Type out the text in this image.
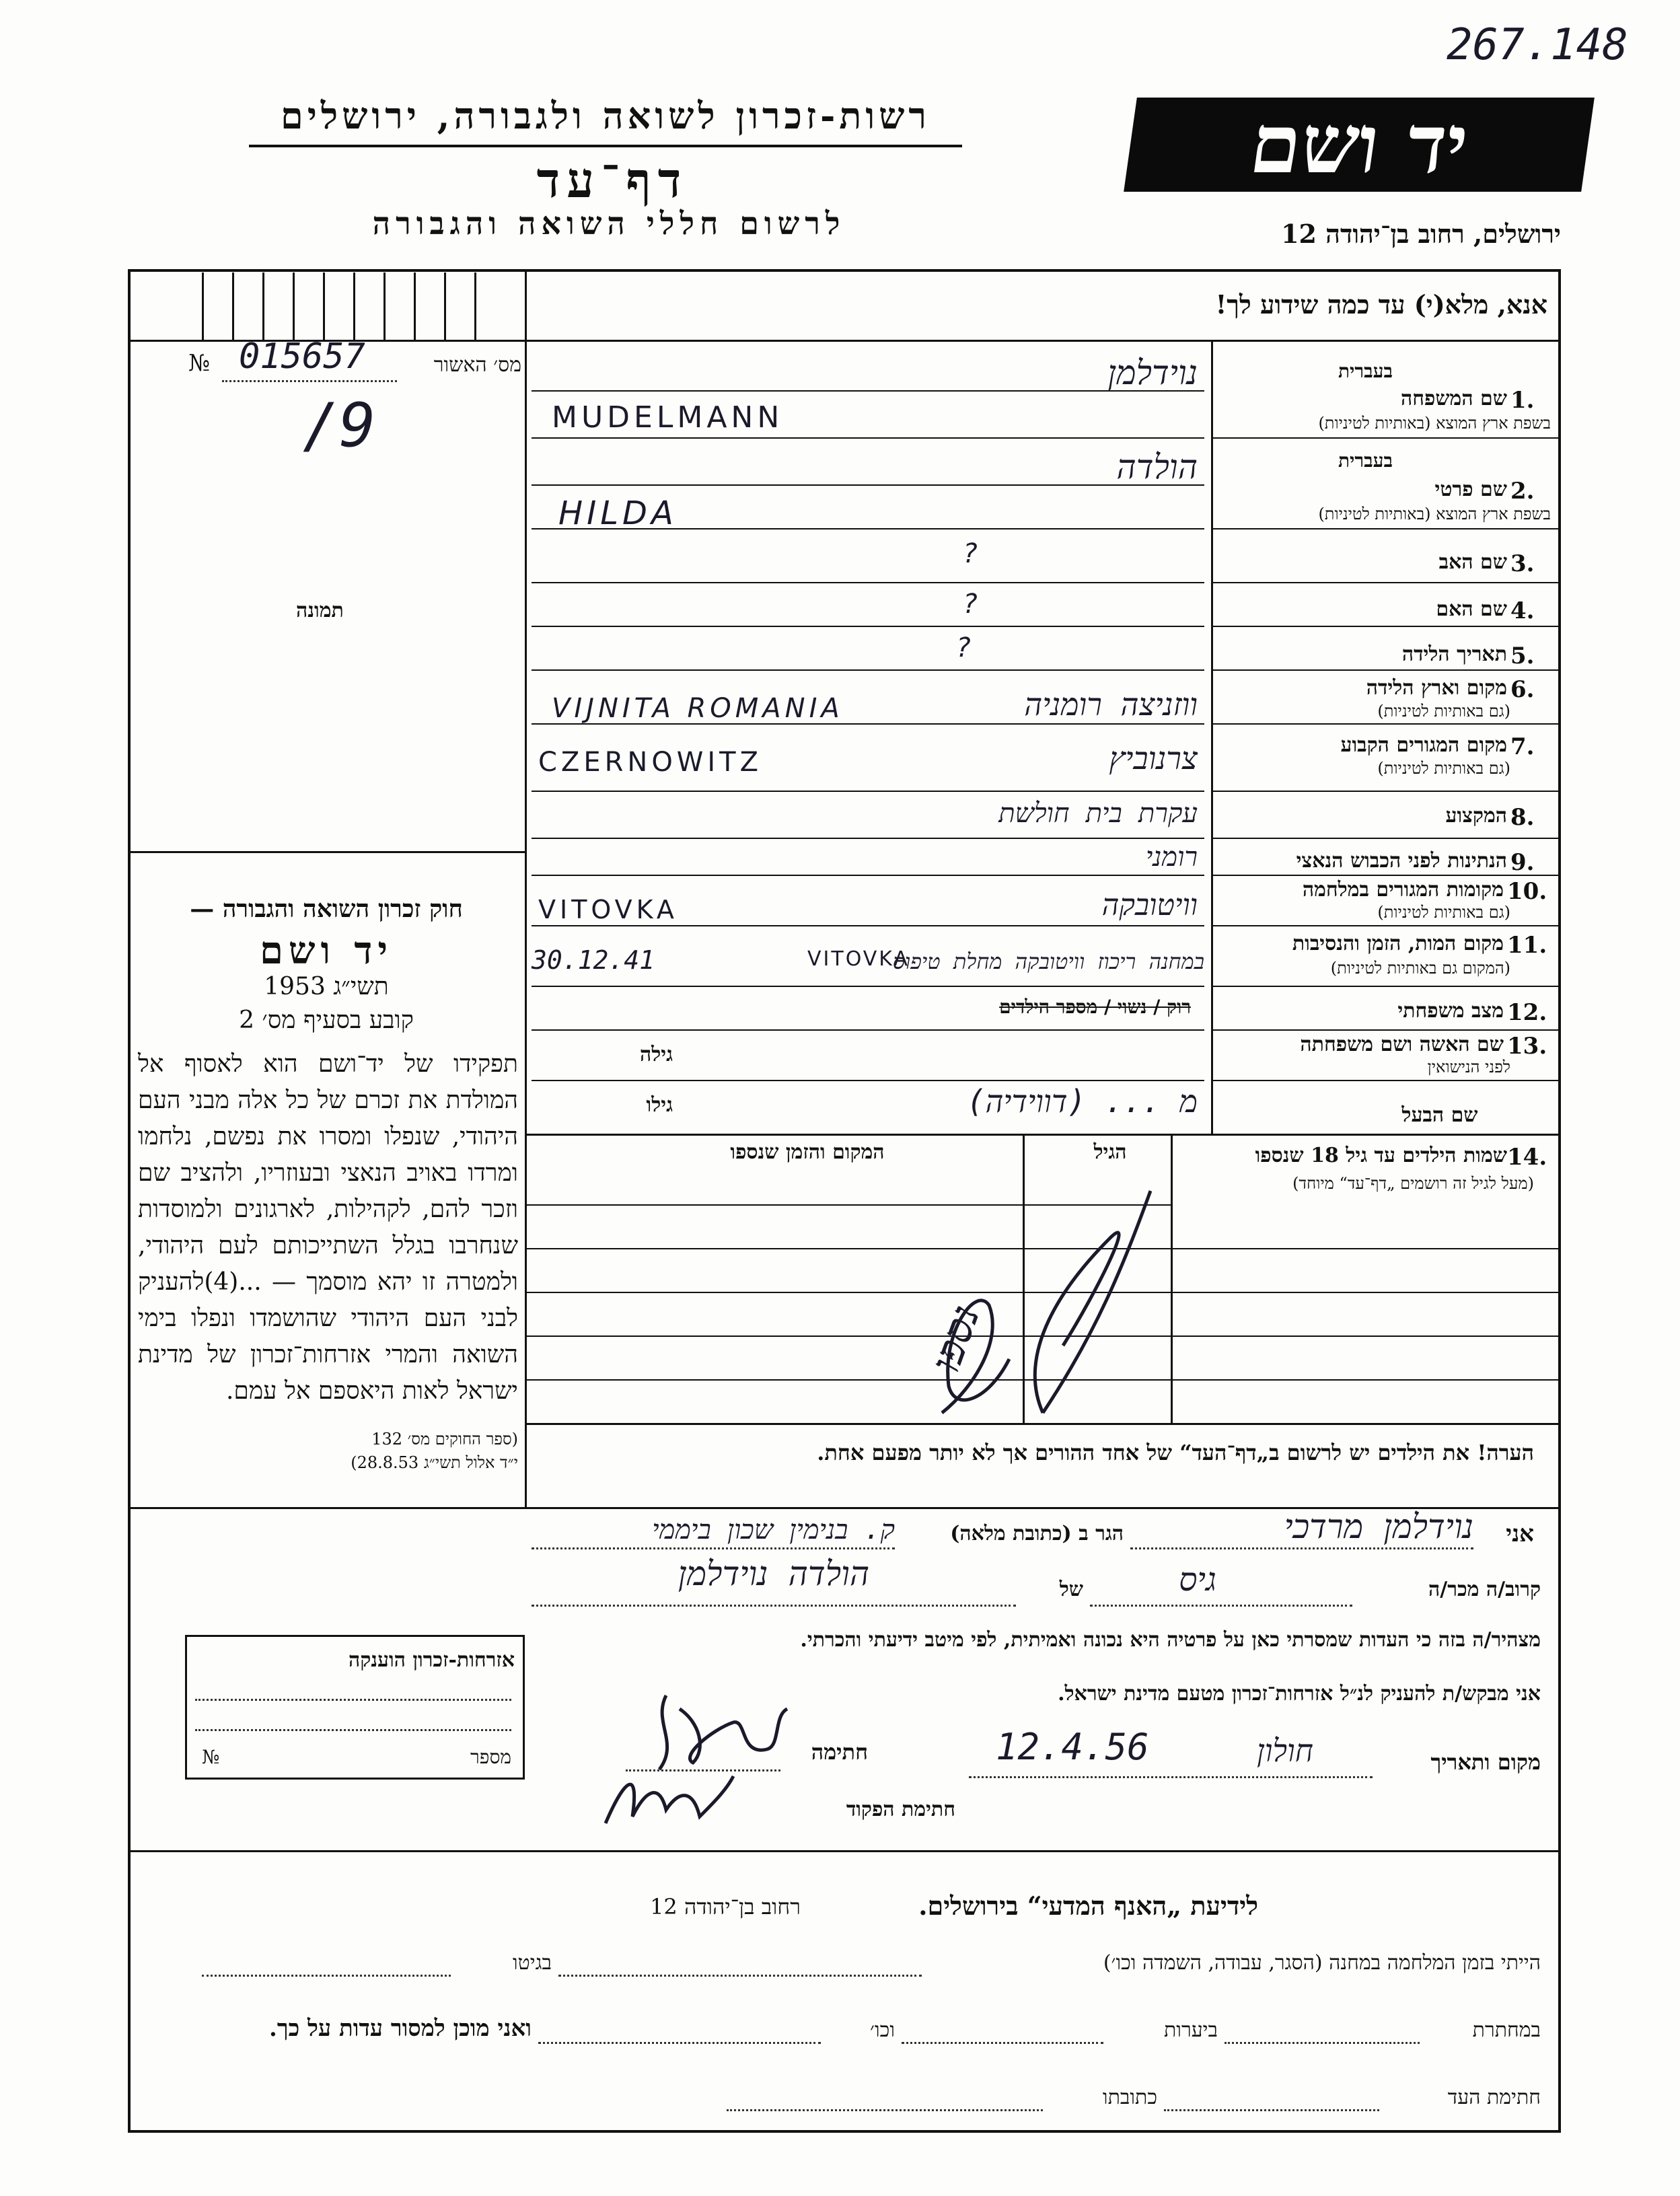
267.148
רשות-זכרון לשואה ולגבורה, ירושלים
דף־עד
לרשום חללי השואה והגבורה
יד ושם
ירושלים, רחוב בן־יהודה 12
אנא, מלא(י) עד כמה שידוע לך!
№ 015657	מס׳ האשור
/9
תמונה
חוק זכרון השואה והגבורה —
יד ושם
תשי״ג 1953
קובע בסעיף מס׳ 2
תפקידו של יד־ושם הוא לאסוף אל המולדת את זכרם של כל אלה מבני העם היהודי, שנפלו ומסרו את נפשם, נלחמו ומרדו באויב הנאצי ובעוזריו, ולהציב שם וזכר להם, לקהילות, לארגונים ולמוסדות שנחרבו בגלל השתייכותם לעם היהודי, ולמטרה זו יהא מוסמך — ...(4)להעניק לבני העם היהודי שהושמדו ונפלו בימי השואה והמרי אזרחות־זכרון של מדינת ישראל לאות היאספם אל עמם.
(ספר החוקים מס׳ 132
י״ד אלול תשי״ג 28.8.53)
בעברית
1.
שם המשפחה
בשפת ארץ המוצא (באותיות לטיניות)
נוידלמן
MUDELMANN
בעברית
2.
שם פרטי
בשפת ארץ המוצא (באותיות לטיניות)
הולדה
HILDA
3.
שם האב
?
4.
שם האם
?
5.
תאריך הלידה
?
6.
מקום וארץ הלידה
(גם באותיות לטיניות)
ווזניצה רומניה
VIJNITA ROMANIA
7.
מקום המגורים הקבוע
(גם באותיות לטיניות)
צרנוביץ
CZERNOWITZ
8.
המקצוע
עקרת בית חולשת
9.
הנתינות לפני הכבוש הנאצי
רומני
10.
מקומות המגורים במלחמה
(גם באותיות לטיניות)
וויטובקה
VITOVKA
11.
מקום המות, הזמן והנסיבות
(המקום גם באותיות לטיניות)
במחנה ריכוז וויטובקה מחלת טיפוס
VITOVKA
30.12.41
12.
מצב משפחתי
רוק / נשוי / מספר הילדים
13.
שם האשה ושם משפחתה
לפני הנישואין
גילה
שם הבעל
גילו	מ ... (דווידיה)
14.
שמות הילדים עד גיל 18 שנספו
(מעל לגיל זה רושמים „דף־עד“ מיוחד)
הגיל
המקום והזמן שנספו
נספו
הערה! את הילדים יש לרשום ב„דף־העד“ של אחד ההורים אך לא יותר מפעם אחת.
אני
נוידלמן מרדכי
הגר ב (כתובת מלאה)
ק. בנימין שכון ביממי
קרוב/ה מכר/ה
גיס
של
הולדה נוידלמן
מצהיר/ה בזה כי העדות שמסרתי כאן על פרטיה היא נכונה ואמיתית, לפי מיטב ידיעתי והכרתי.
אני מבקש/ת להעניק לנ״ל אזרחות־זכרון מטעם מדינת ישראל.
מקום ותאריך
חולון
12.4.56
חתימה
חתימת הפקוד
אזרחות-זכרון הוענקה
№	מספר
לידיעת „האנף המדעי“ בירושלים.
רחוב בן־יהודה 12
הייתי בזמן המלחמה במחנה (הסגר, עבודה, השמדה וכו׳)
בגיטו
במחתרת
ביערות
וכו׳
ואני מוכן למסור עדות על כך.
חתימת העד
כתובתו
